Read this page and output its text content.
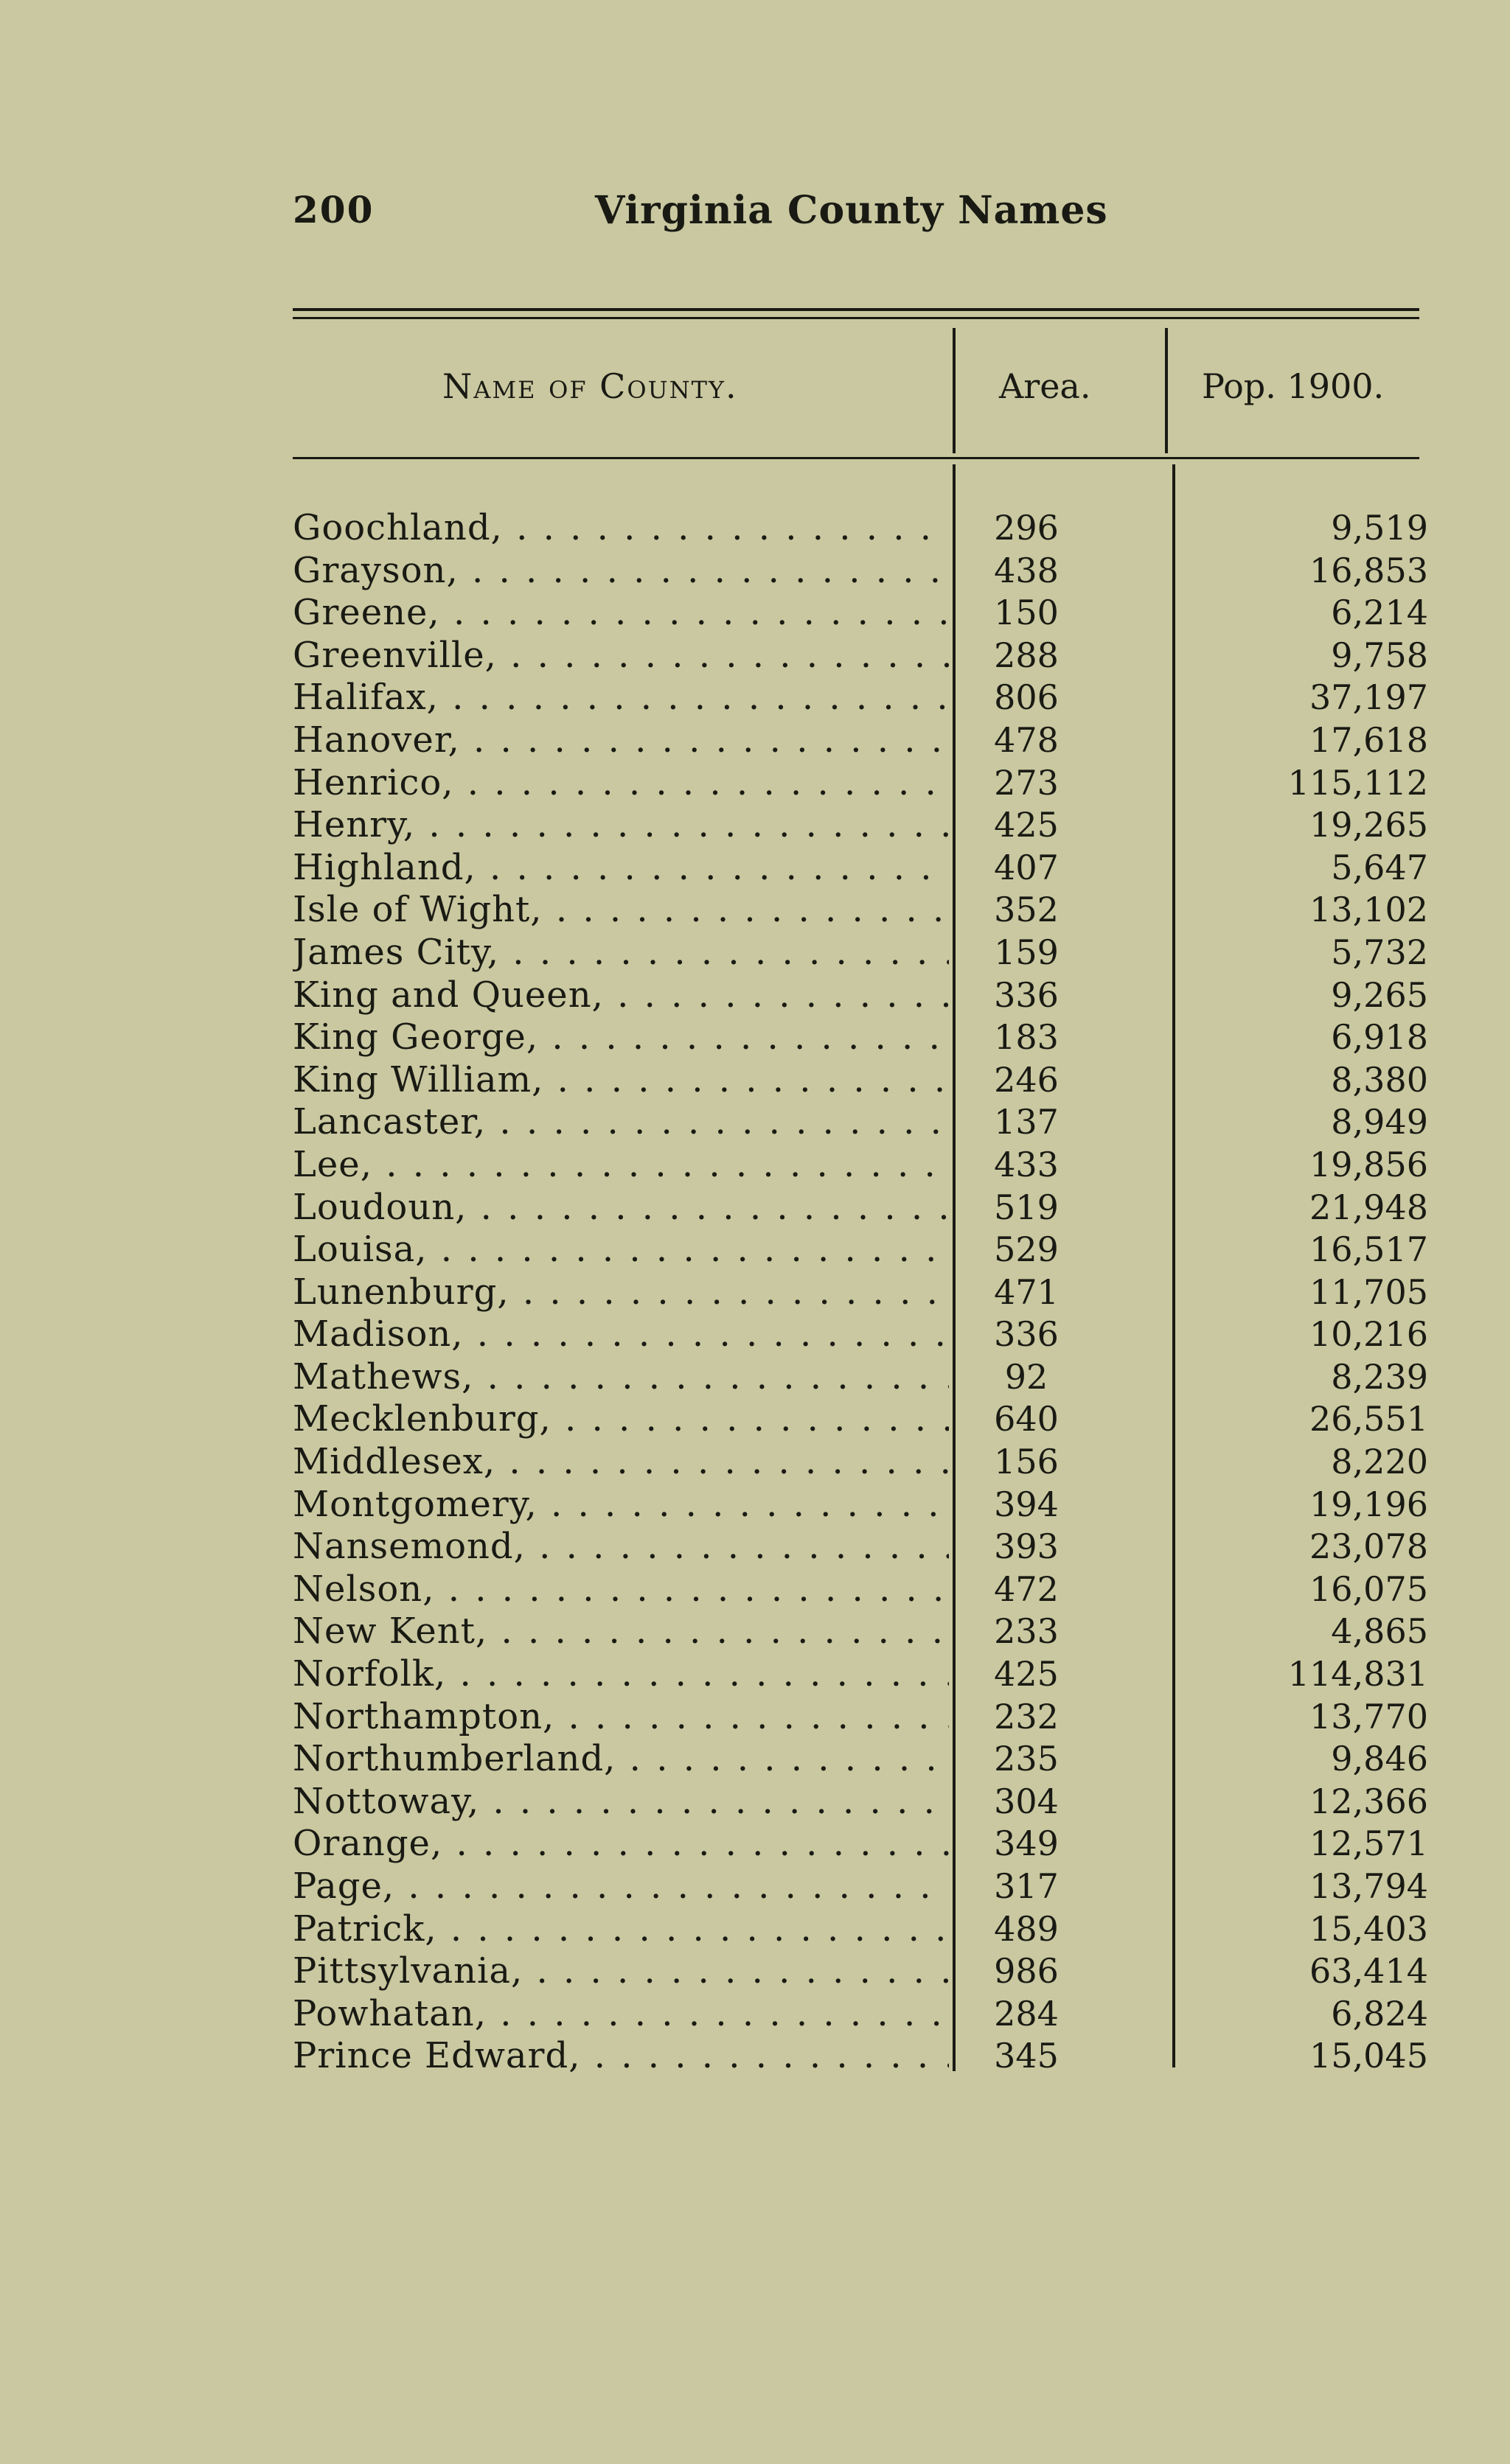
200	Virginia County Names
Name of County.	Area.	Pop. 1900.
Goochland, . . .	296	9,519
Grayson, . . .	438	16,853
Greene, . . .	150	6,214
Greenville, . . .	288	9,758
Halifax, . . .	806	37,197
Hanover, . . .	478	17,618
Henrico, . . .	273	115,112
Henry, . . .	425	19,265
Highland, . . .	407	5,647
Isle of Wight, . . .	352	13,102
James City, . . .	159	5,732
King and Queen, . . .	336	9,265
King George, . . .	183	6,918
King William, . . .	246	8,380
Lancaster, . . .	137	8,949
Lee, . . .	433	19,856
Loudoun, . . .	519	21,948
Louisa, . . .	529	16,517
Lunenburg, . . .	471	11,705
Madison, . . .	336	10,216
Mathews, . . .	92	8,239
Mecklenburg, . . .	640	26,551
Middlesex, . . .	156	8,220
Montgomery, . . .	394	19,196
Nansemond, . . .	393	23,078
Nelson, . . .	472	16,075
New Kent, . . .	233	4,865
Norfolk, . . .	425	114,831
Northampton, . . .	232	13,770
Northumberland, . . .	235	9,846
Nottoway, . . .	304	12,366
Orange, . . .	349	12,571
Page, . . .	317	13,794
Patrick, . . .	489	15,403
Pittsylvania, . . .	986	63,414
Powhatan, . . .	284	6,824
Prince Edward, . . .	345	15,045
